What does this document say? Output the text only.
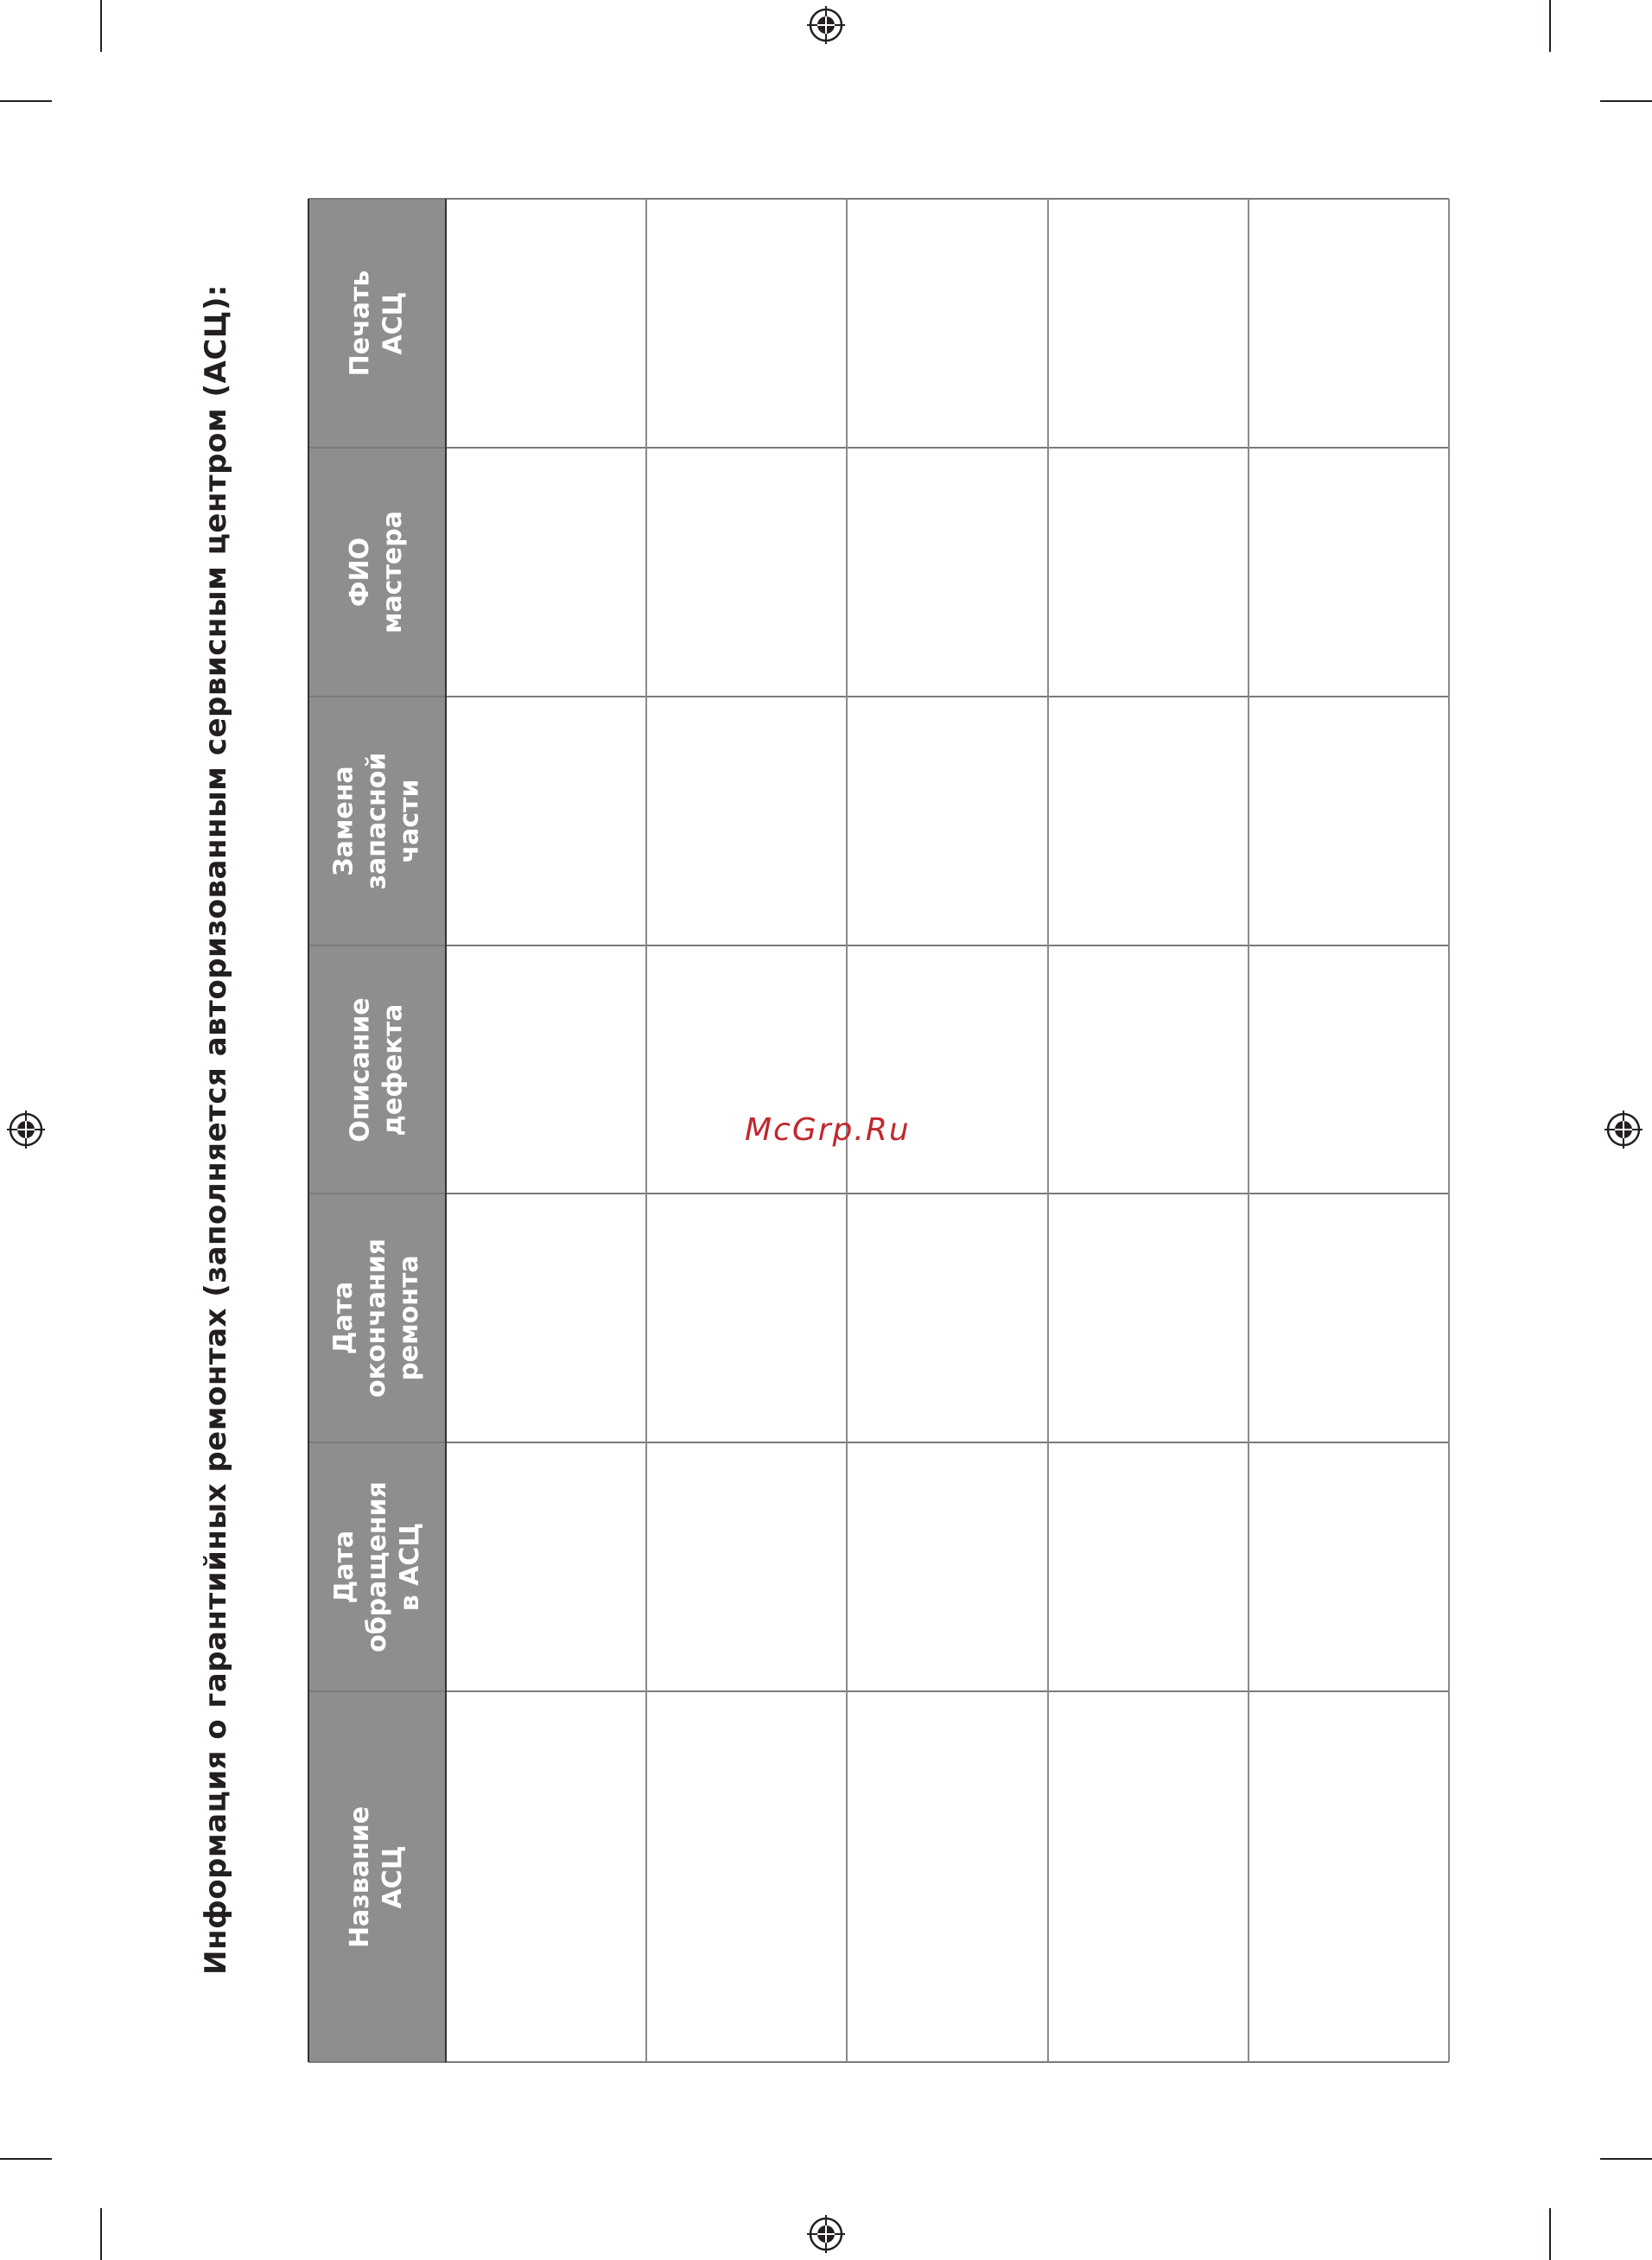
Информация о гарантийных ремонтах (заполняется авторизованным сервисным центром (АСЦ):	Название
АСЦ
Дата
обращения
в АСЦ
Дата
окончания
ремонта
Описание
дефекта
Замена
запасной
части
ФИО
мастера
Печать
АСЦ
McGrp.Ru
